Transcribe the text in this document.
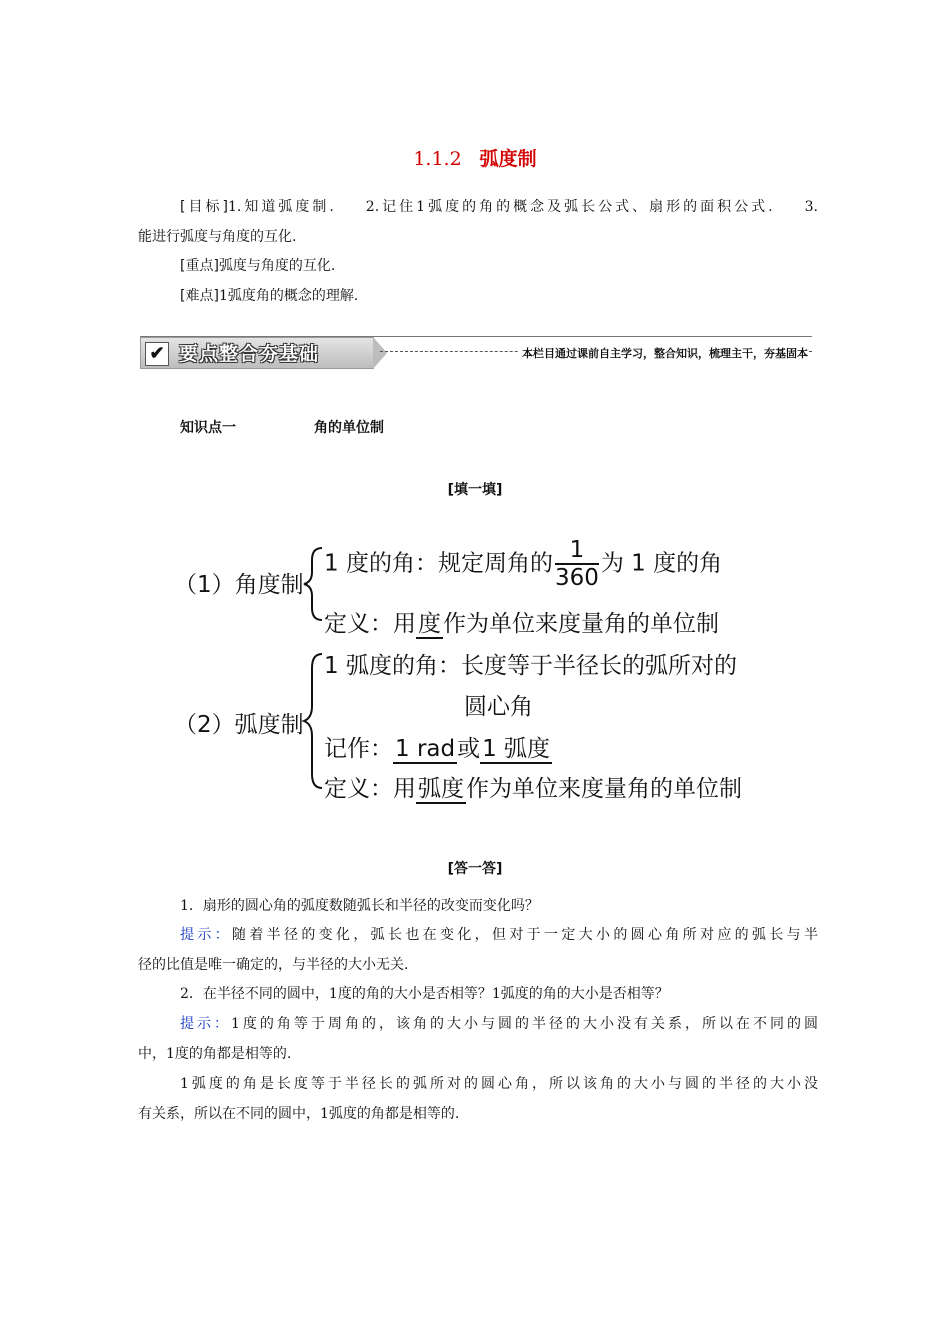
1.1.2 弧度制
[目标]1.知道弧度制. 2.记住1弧度的角的概念及弧长公式、扇形的面积公式. 3.
能进行弧度与角度的互化.
[重点]弧度与角度的互化.
[难点]1弧度角的概念的理解.
✔ 要点整合夯基础	本栏目通过课前自主学习，整合知识，梳理主干，夯基固本
知识点一	角的单位制
[填一填]
（1）角度制
1 度的角：规定周角的 $\frac{1}{360}$ 为 1 度的角
定义：用度作为单位来度量角的单位制
（2）弧度制
1 弧度的角：长度等于半径长的弧所对的
圆心角
记作：1 rad或1 弧度
定义：用弧度作为单位来度量角的单位制
[答一答]
1．扇形的圆心角的弧度数随弧长和半径的改变而变化吗？
提示：随着半径的变化，弧长也在变化，但对于一定大小的圆心角所对应的弧长与半
径的比值是唯一确定的，与半径的大小无关.
2．在半径不同的圆中，1度的角的大小是否相等？1弧度的角的大小是否相等？
提示：1度的角等于周角的，该角的大小与圆的半径的大小没有关系，所以在不同的圆
中，1度的角都是相等的.
1弧度的角是长度等于半径长的弧所对的圆心角，所以该角的大小与圆的半径的大小没
有关系，所以在不同的圆中，1弧度的角都是相等的.
